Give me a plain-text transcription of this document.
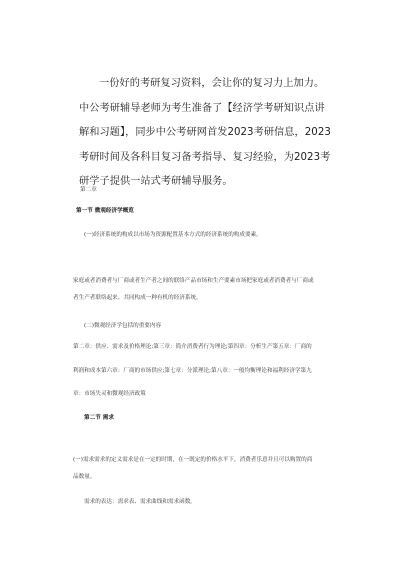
一份好的考研复习资料，会让你的复习力上加力。中公考研辅导老师为考生准备了【经济学考研知识点讲解和习题】，同步中公考研网首发2023考研信息，2023考研时间及各科目复习备考指导、复习经验，为2023考研学子提供一站式考研辅导服务。

第二章

第一节 微观经济学概览

(一)经济系统的构成以市场为资源配置基本方式的经济系统的构成要素。

家庭或者消费者与厂商或者生产者之间的联络产品市场和生产要素市场把家庭或者消费者与厂商或

者生产者联络起来。共同构成一种有机的经济系统。

(二)微观经济学包括的重要内容

第二章：供应、需求及价格理论;第三章：简介消费者行为理论;第四章：分析生产第五章：厂商的

利润和成本第六章：厂商的市场供应;第七章：分派理论;第八章：一般均衡理论和福利经济学第九

章：市场失灵和微观经济政策

第二节 需求

(一)需求需求的定义需求是在一定的时期，在一既定的价格水平下，消费者乐意并且可以购置的商

品数量。

需求的表达：需求表、需求曲线和需求函数。
